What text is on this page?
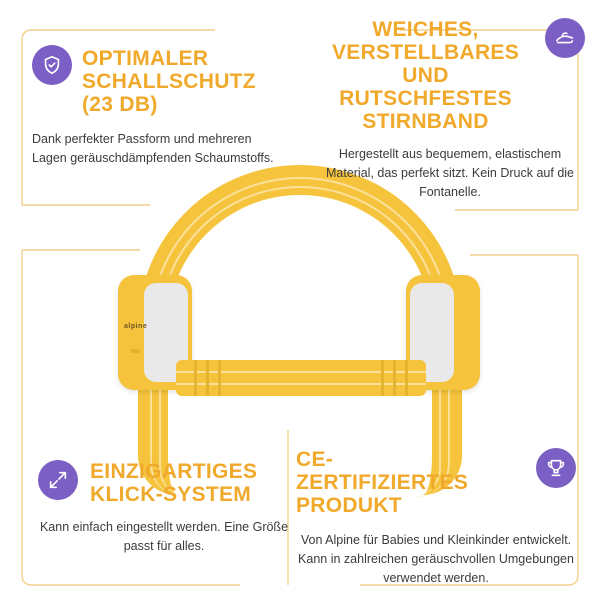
alpine
OPTIMALER SCHALLSCHUTZ (23 DB)
Dank perfekter Passform und mehreren Lagen geräuschdämpfenden Schaumstoffs.
WEICHES, VERSTELLBARES UND RUTSCHFESTES STIRNBAND
Hergestellt aus bequemem, elastischem Material, das perfekt sitzt. Kein Druck auf die Fontanelle.
EINZIGARTIGES KLICK-SYSTEM
Kann einfach eingestellt werden. Eine Größe passt für alles.
CE-ZERTIFIZIERTES PRODUKT
Von Alpine für Babies und Kleinkinder entwickelt. Kann in zahlreichen geräuschvollen Umgebungen verwendet werden.
